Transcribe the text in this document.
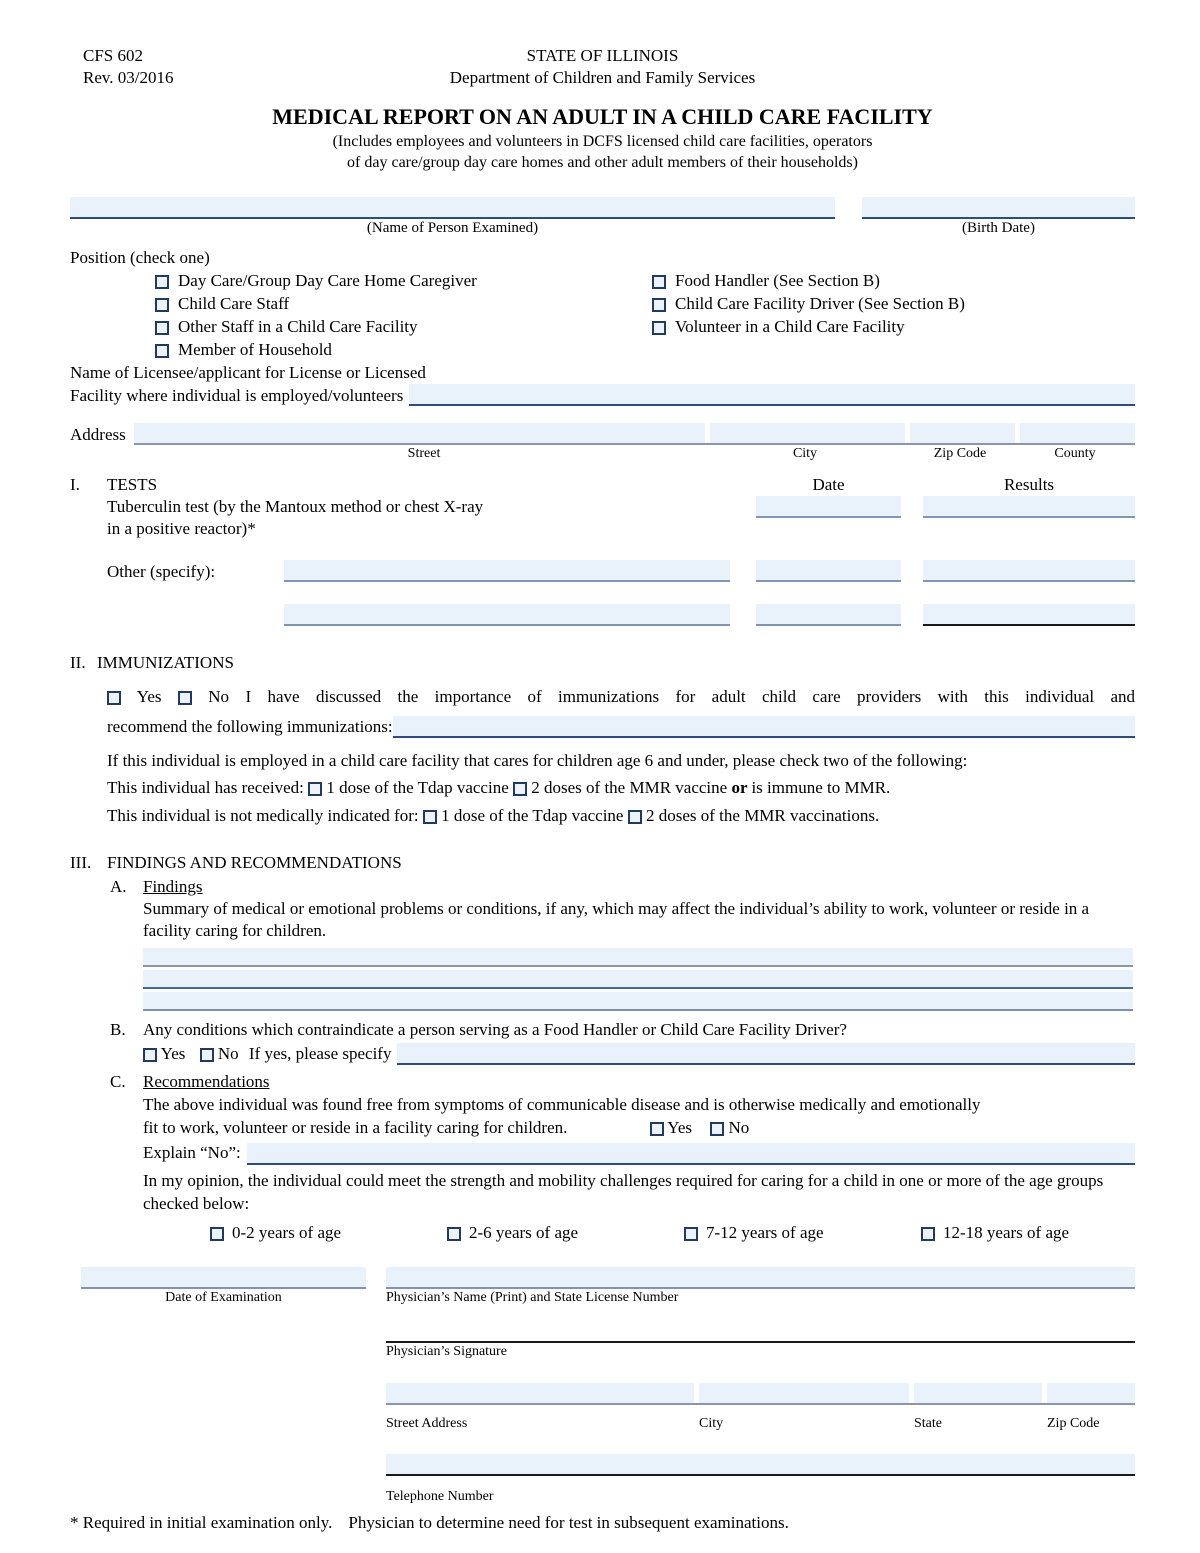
CFS 602
Rev. 03/2016
STATE OF ILLINOIS
Department of Children and Family Services
MEDICAL REPORT ON AN ADULT IN A CHILD CARE FACILITY
(Includes employees and volunteers in DCFS licensed child care facilities, operators
of day care/group day care homes and other adult members of their households)
(Name of Person Examined)	(Birth Date)
Position (check one)
Day Care/Group Day Care Home Caregiver
Child Care Staff
Other Staff in a Child Care Facility
Member of Household
Food Handler (See Section B)
Child Care Facility Driver (See Section B)
Volunteer in a Child Care Facility
Name of Licensee/applicant for License or Licensed
Facility where individual is employed/volunteers
Address
Street	City	Zip Code	County
I. TESTS	Date	Results
Tuberculin test (by the Mantoux method or chest X-ray
in a positive reactor)*
Other (specify):
II. IMMUNIZATIONS
Yes	No I have discussed the importance of immunizations for adult child care providers with this individual and
recommend the following immunizations:
If this individual is employed in a child care facility that cares for children age 6 and under, please check two of the following:
This individual has received: 1 dose of the Tdap vaccine 2 doses of the MMR vaccine or is immune to MMR.
This individual is not medically indicated for: 1 dose of the Tdap vaccine 2 doses of the MMR vaccinations.
III. FINDINGS AND RECOMMENDATIONS
A. Findings
Summary of medical or emotional problems or conditions, if any, which may affect the individual’s ability to work, volunteer or reside in a facility caring for children.
B.	Any conditions which contraindicate a person serving as a Food Handler or Child Care Facility Driver?
Yes No If yes, please specify
C.	Recommendations
The above individual was found free from symptoms of communicable disease and is otherwise medically and emotionally
fit to work, volunteer or reside in a facility caring for children.	Yes No
Explain “No”:
In my opinion, the individual could meet the strength and mobility challenges required for caring for a child in one or more of the age groups checked below:
0-2 years of age	2-6 years of age	7-12 years of age	12-18 years of age
Date of Examination	Physician’s Name (Print) and State License Number
Physician’s Signature
Street Address	City	State	Zip Code
Telephone Number
* Required in initial examination only. Physician to determine need for test in subsequent examinations.
